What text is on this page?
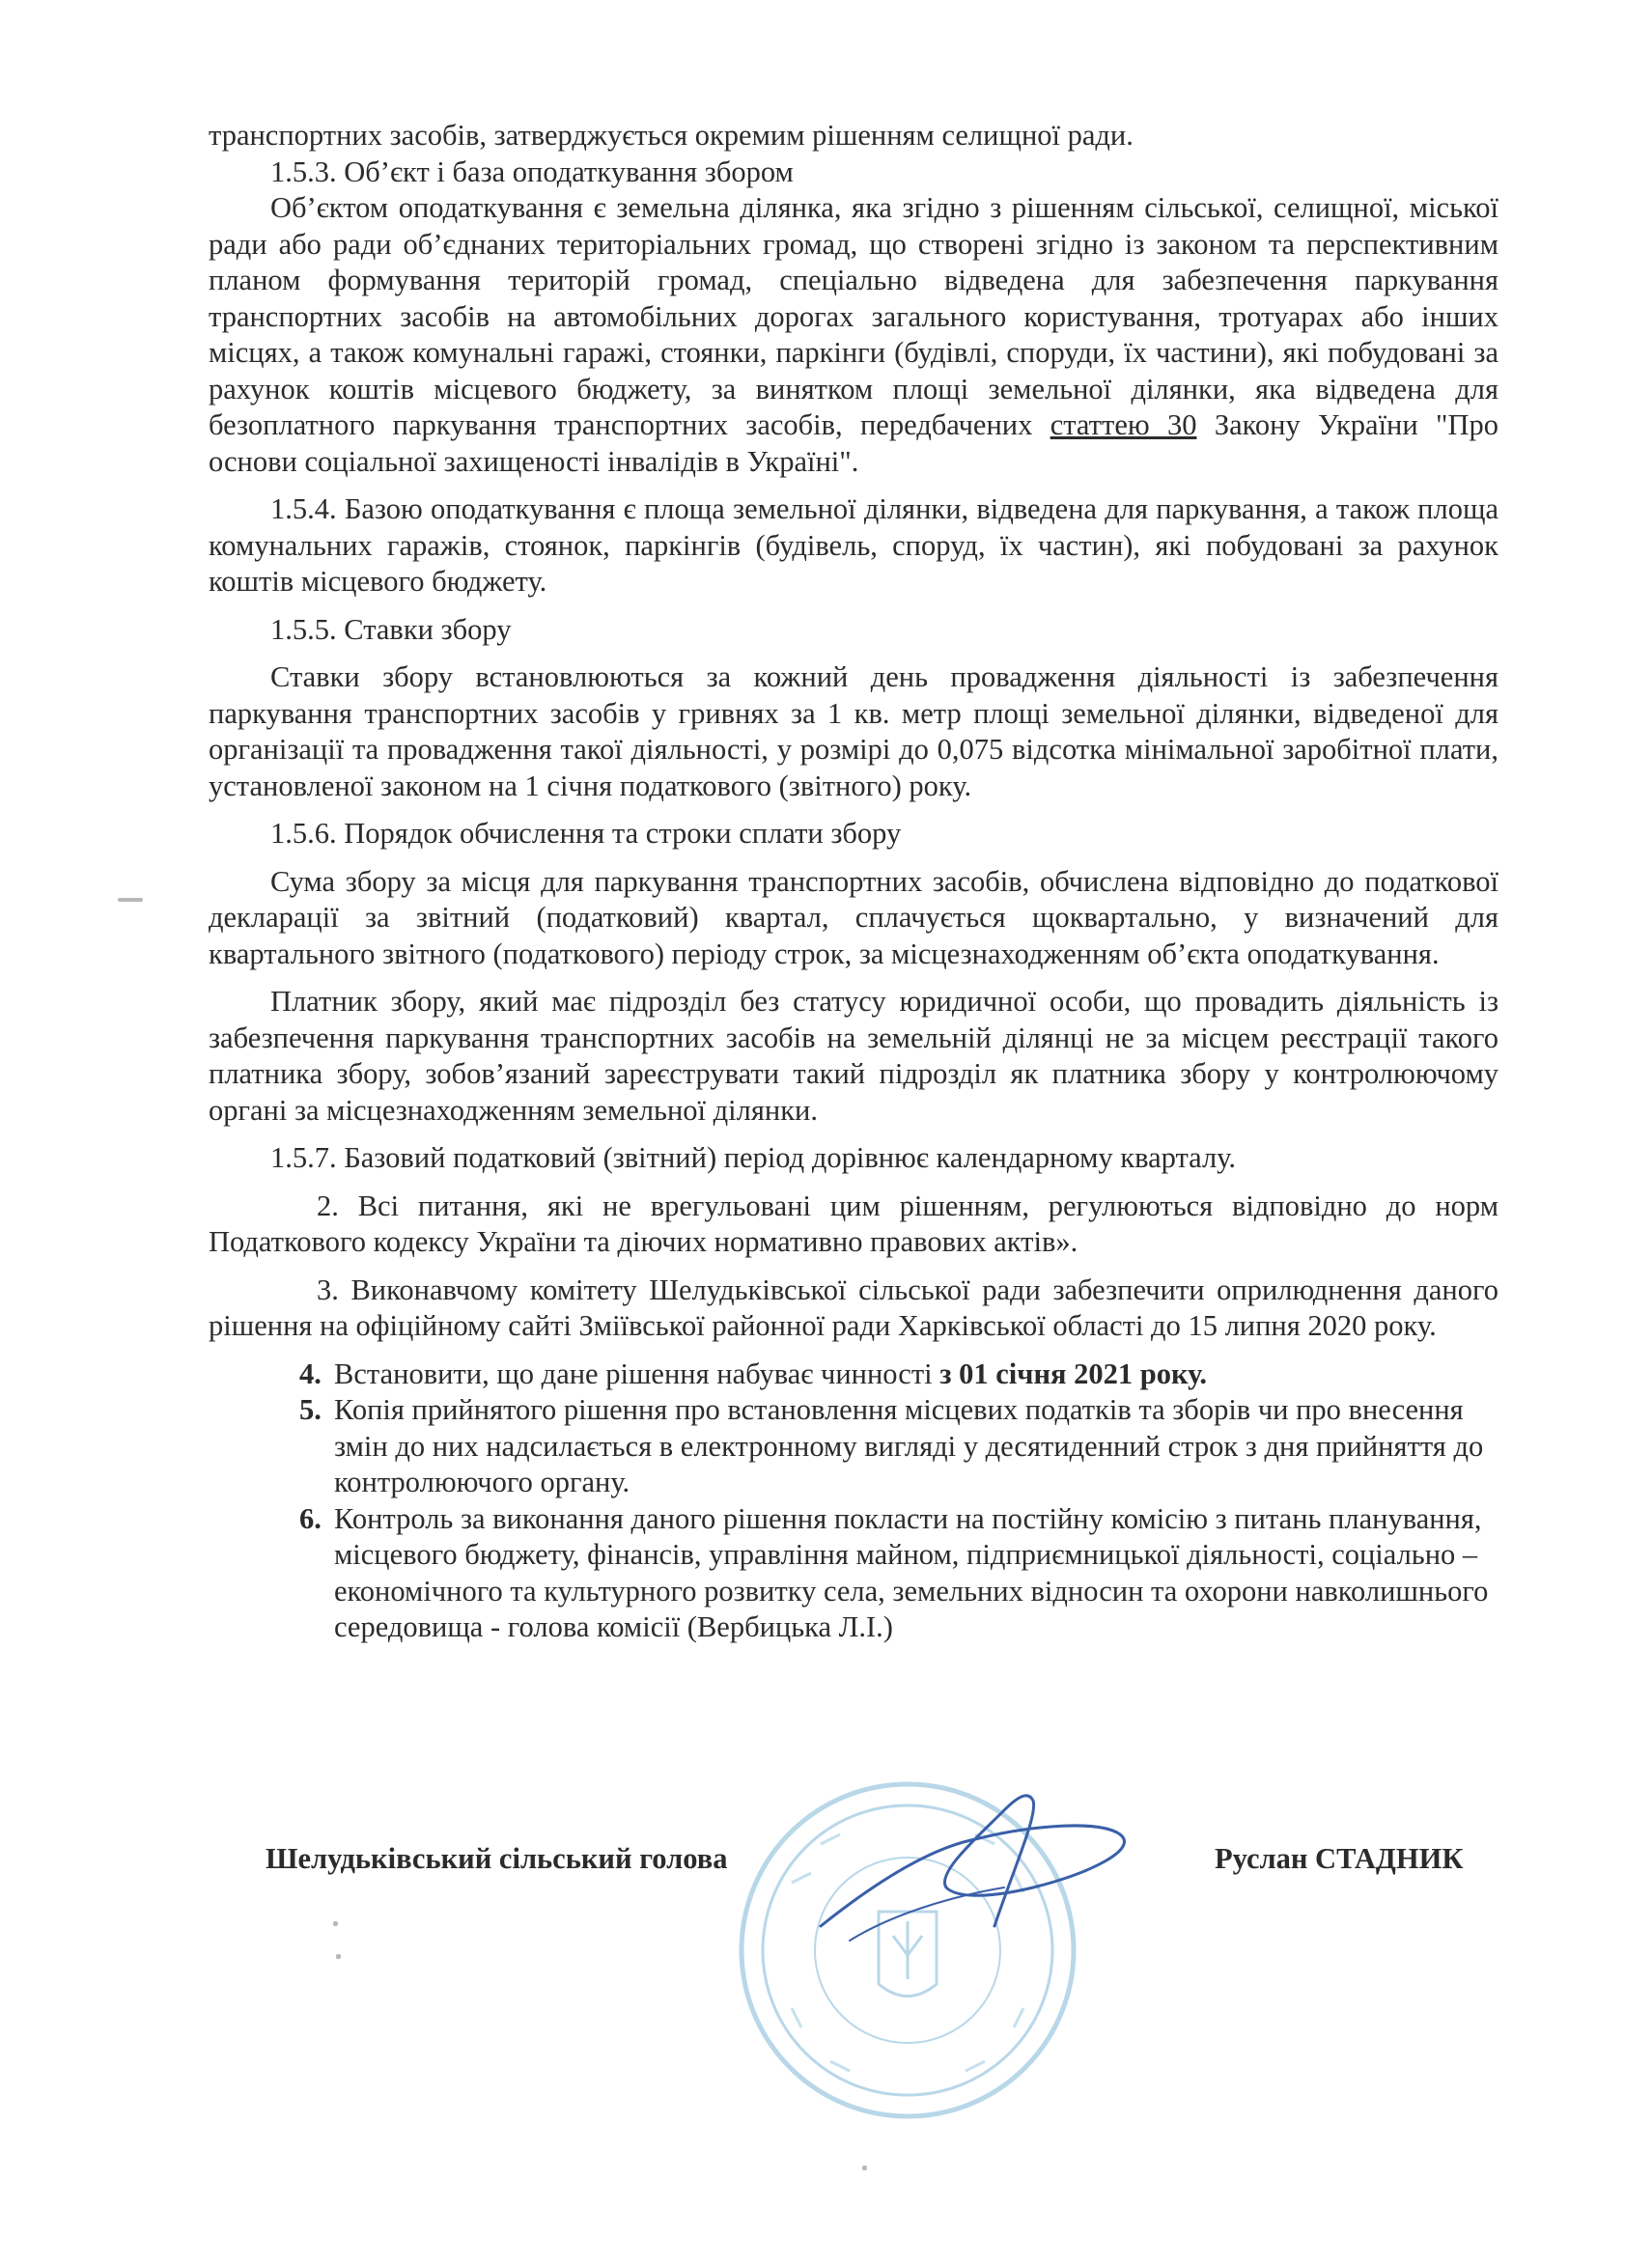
транспортних засобів, затверджується окремим рішенням селищної ради.

1.5.3. Об’єкт і база оподаткування збором

Об’єктом оподаткування є земельна ділянка, яка згідно з рішенням сільської, селищної, міської ради або ради об’єднаних територіальних громад, що створені згідно із законом та перспективним планом формування територій громад, спеціально відведена для забезпечення паркування транспортних засобів на автомобільних дорогах загального користування, тротуарах або інших місцях, а також комунальні гаражі, стоянки, паркінги (будівлі, споруди, їх частини), які побудовані за рахунок коштів місцевого бюджету, за винятком площі земельної ділянки, яка відведена для безоплатного паркування транспортних засобів, передбачених статтею 30 Закону України "Про основи соціальної захищеності інвалідів в Україні".

1.5.4. Базою оподаткування є площа земельної ділянки, відведена для паркування, а також площа комунальних гаражів, стоянок, паркінгів (будівель, споруд, їх частин), які побудовані за рахунок коштів місцевого бюджету.

1.5.5. Ставки збору

Ставки збору встановлюються за кожний день провадження діяльності із забезпечення паркування транспортних засобів у гривнях за 1 кв. метр площі земельної ділянки, відведеної для організації та провадження такої діяльності, у розмірі до 0,075 відсотка мінімальної заробітної плати, установленої законом на 1 січня податкового (звітного) року.

1.5.6. Порядок обчислення та строки сплати збору

Сума збору за місця для паркування транспортних засобів, обчислена відповідно до податкової декларації за звітний (податковий) квартал, сплачується щоквартально, у визначений для квартального звітного (податкового) періоду строк, за місцезнаходженням об’єкта оподаткування.

Платник збору, який має підрозділ без статусу юридичної особи, що провадить діяльність із забезпечення паркування транспортних засобів на земельній ділянці не за місцем реєстрації такого платника збору, зобов’язаний зареєструвати такий підрозділ як платника збору у контролюючому органі за місцезнаходженням земельної ділянки.

1.5.7. Базовий податковий (звітний) період дорівнює календарному кварталу.

2. Всі питання, які не врегульовані цим рішенням, регулюються відповідно до норм Податкового кодексу України та діючих нормативно правових актів».

3. Виконавчому комітету Шелудьківської сільської ради забезпечити оприлюднення даного рішення на офіційному сайті Зміївської районної ради Харківської області до 15 липня 2020 року.

4. Встановити, що дане рішення набуває чинності з 01 січня 2021 року.
5. Копія прийнятого рішення про встановлення місцевих податків та зборів чи про внесення змін до них надсилається в електронному вигляді у десятиденний строк з дня прийняття до контролюючого органу.
6. Контроль за виконання даного рішення покласти на постійну комісію з питань планування, місцевого бюджету, фінансів, управління майном, підприємницької діяльності, соціально – економічного та культурного розвитку села, земельних відносин та охорони навколишнього середовища - голова комісії (Вербицька Л.І.)
Шелудьківський сільський голова	Руслан СТАДНИК
